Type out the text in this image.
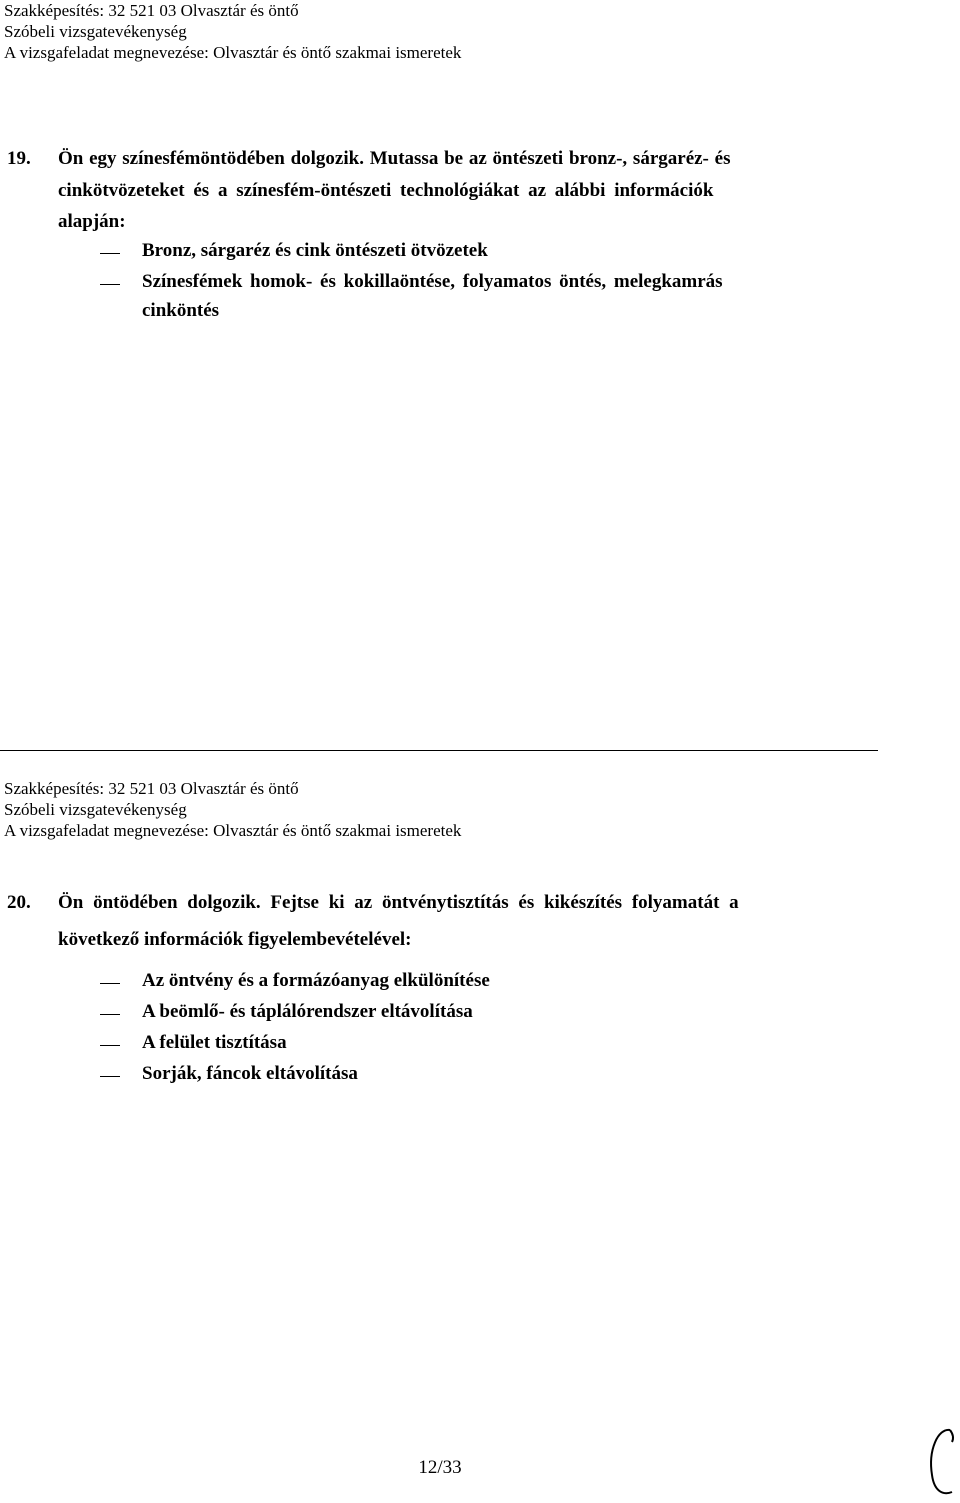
Szakképesítés: 32 521 03 Olvasztár és öntő
Szóbeli vizsgatevékenység
A vizsgafeladat megnevezése: Olvasztár és öntő szakmai ismeretek
19. Ön egy színesfémöntödében dolgozik. Mutassa be az öntészeti bronz-, sárgaréz- és
cinkötvözeteket és a színesfém-öntészeti technológiákat az alábbi információk
alapján:
Bronz, sárgaréz és cink öntészeti ötvözetek
Színesfémek homok- és kokillaöntése, folyamatos öntés, melegkamrás
cinköntés
Szakképesítés: 32 521 03 Olvasztár és öntő
Szóbeli vizsgatevékenység
A vizsgafeladat megnevezése: Olvasztár és öntő szakmai ismeretek
20. Ön öntödében dolgozik. Fejtse ki az öntvénytisztítás és kikészítés folyamatát a
következő információk figyelembevételével:
Az öntvény és a formázóanyag elkülönítése
A beömlő- és táplálórendszer eltávolítása
A felület tisztítása
Sorják, fáncok eltávolítása
12/33
